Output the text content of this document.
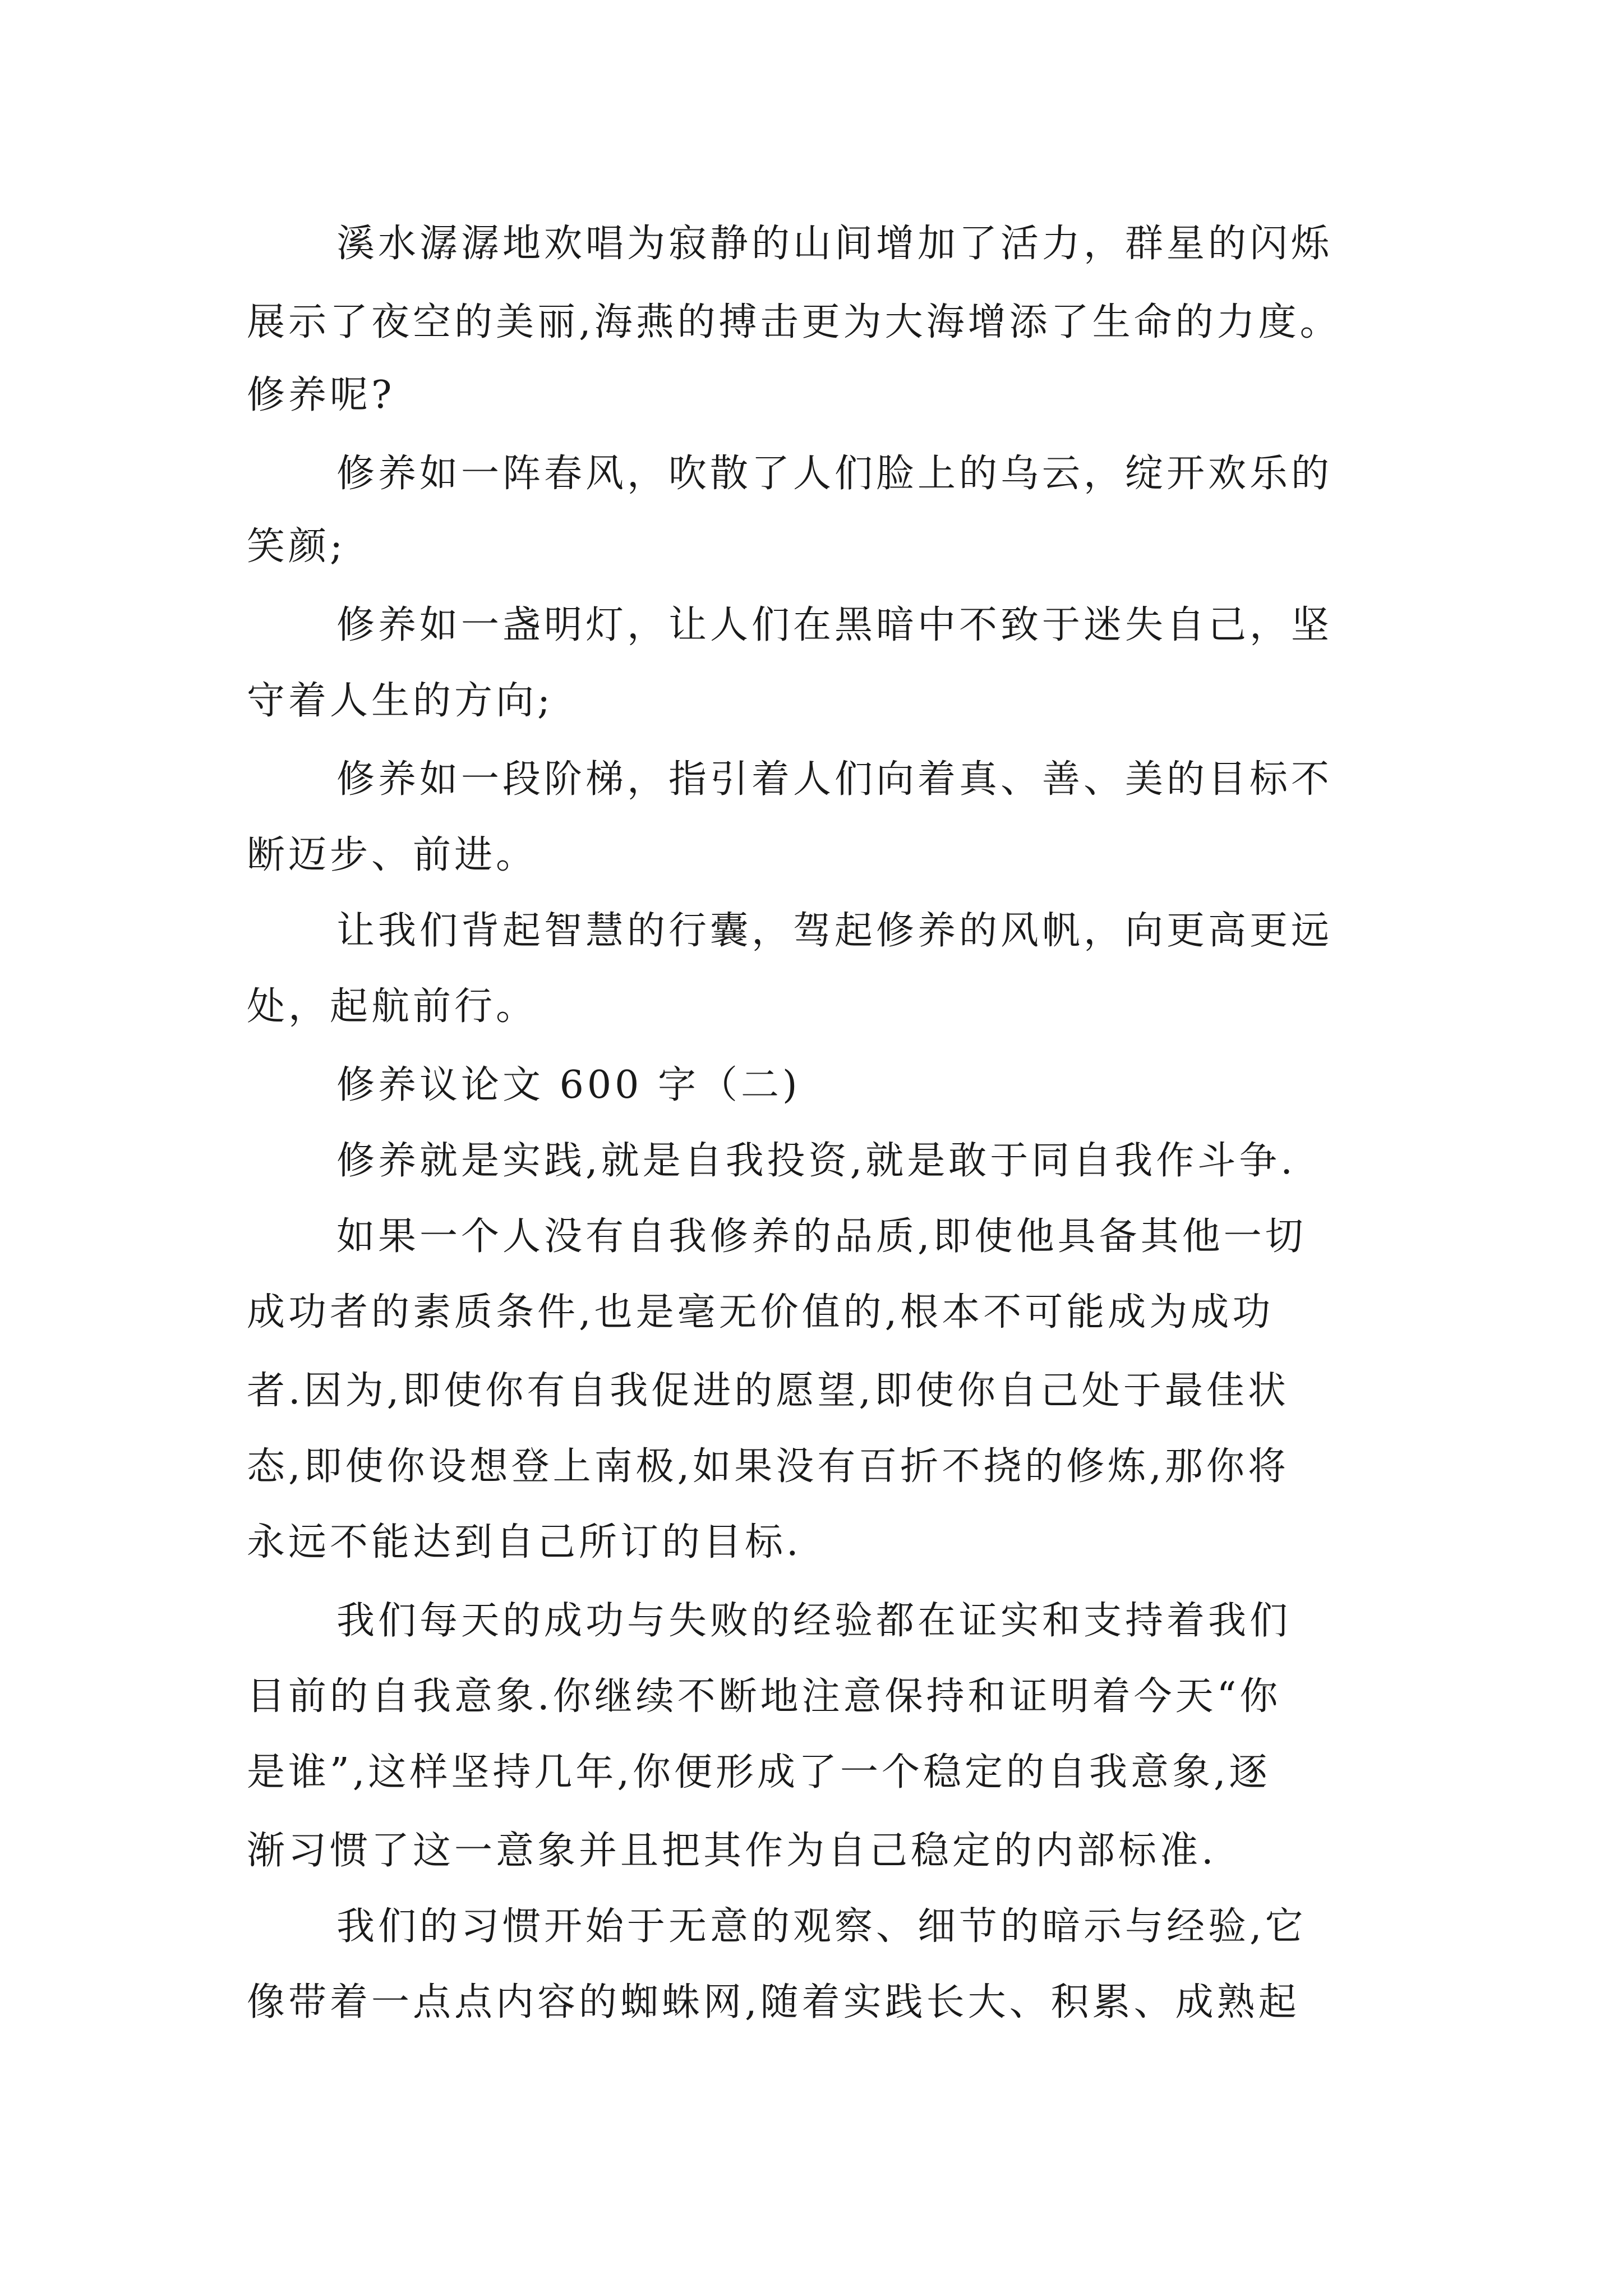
溪水潺潺地欢唱为寂静的山间增加了活力，群星的闪烁

展示了夜空的美丽,海燕的搏击更为大海增添了生命的力度。

修养呢?

修养如一阵春风，吹散了人们脸上的乌云，绽开欢乐的

笑颜;

修养如一盏明灯，让人们在黑暗中不致于迷失自己，坚

守着人生的方向;

修养如一段阶梯，指引着人们向着真、善、美的目标不

断迈步、前进。

让我们背起智慧的行囊，驾起修养的风帆，向更高更远

处，起航前行。

修养议论文 600 字（二)

修养就是实践,就是自我投资,就是敢于同自我作斗争.

如果一个人没有自我修养的品质,即使他具备其他一切

成功者的素质条件,也是毫无价值的,根本不可能成为成功

者.因为,即使你有自我促进的愿望,即使你自己处于最佳状

态,即使你设想登上南极,如果没有百折不挠的修炼,那你将

永远不能达到自己所订的目标.

我们每天的成功与失败的经验都在证实和支持着我们

目前的自我意象.你继续不断地注意保持和证明着今天“你

是谁”,这样坚持几年,你便形成了一个稳定的自我意象,逐

渐习惯了这一意象并且把其作为自己稳定的内部标准.

我们的习惯开始于无意的观察、细节的暗示与经验,它

像带着一点点内容的蜘蛛网,随着实践长大、积累、成熟起
